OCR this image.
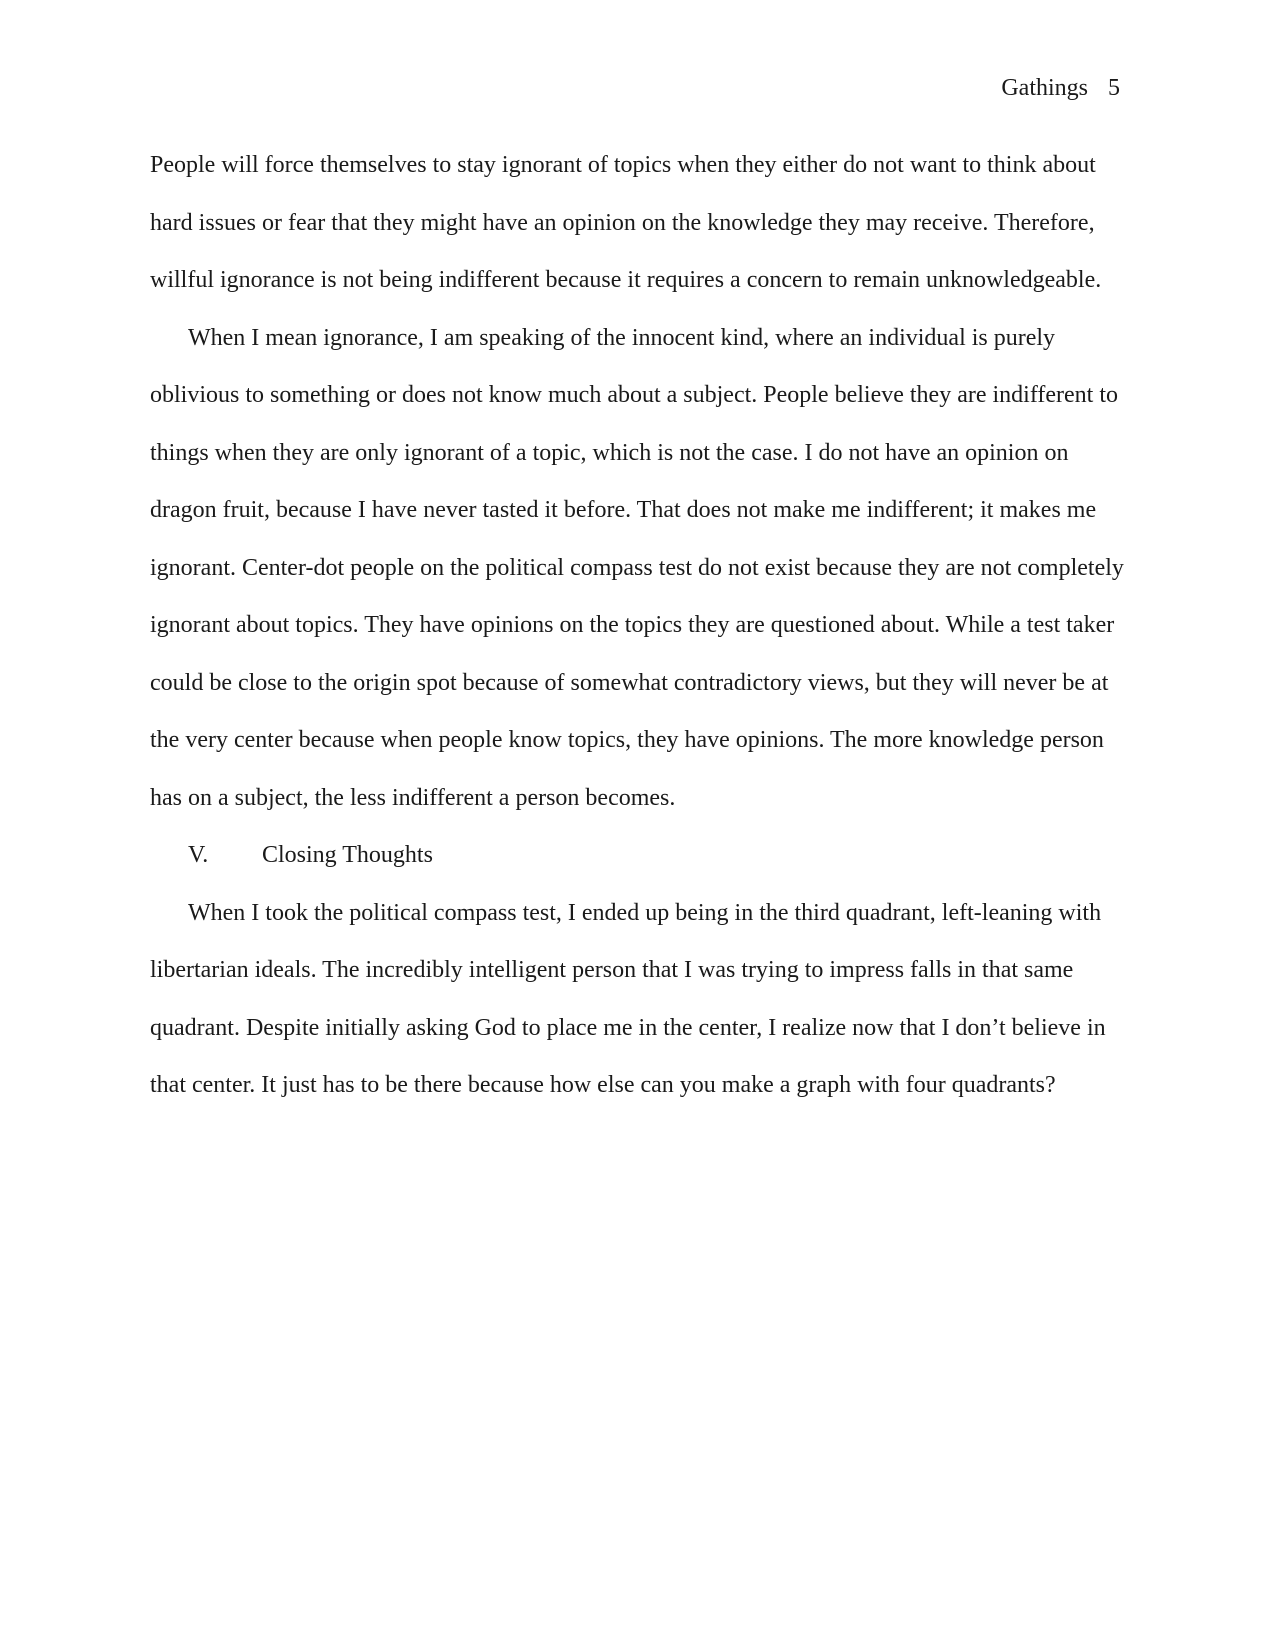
Gathings 5

People will force themselves to stay ignorant of topics when they either do not want to think about hard issues or fear that they might have an opinion on the knowledge they may receive. Therefore, willful ignorance is not being indifferent because it requires a concern to remain unknowledgeable.

When I mean ignorance, I am speaking of the innocent kind, where an individual is purely oblivious to something or does not know much about a subject. People believe they are indifferent to things when they are only ignorant of a topic, which is not the case. I do not have an opinion on dragon fruit, because I have never tasted it before. That does not make me indifferent; it makes me ignorant. Center-dot people on the political compass test do not exist because they are not completely ignorant about topics. They have opinions on the topics they are questioned about. While a test taker could be close to the origin spot because of somewhat contradictory views, but they will never be at the very center because when people know topics, they have opinions. The more knowledge person has on a subject, the less indifferent a person becomes.

V.	Closing Thoughts

When I took the political compass test, I ended up being in the third quadrant, left-leaning with libertarian ideals. The incredibly intelligent person that I was trying to impress falls in that same quadrant. Despite initially asking God to place me in the center, I realize now that I don’t believe in that center. It just has to be there because how else can you make a graph with four quadrants?
